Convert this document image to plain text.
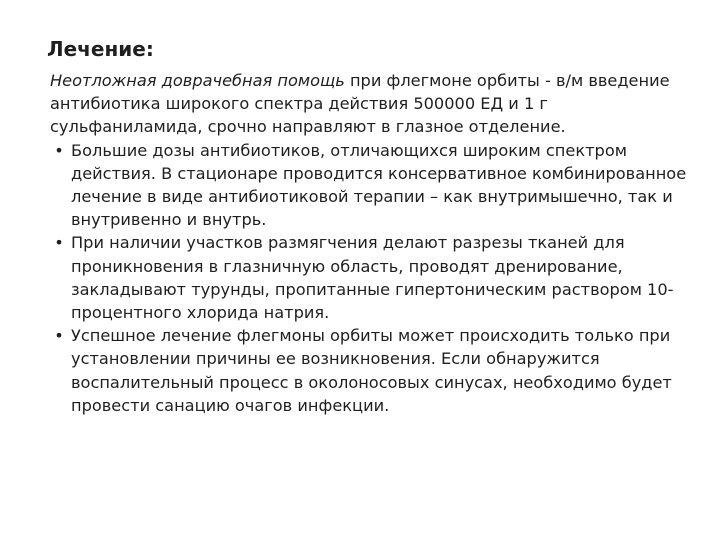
Лечение:

Неотложная доврачебная помощь при флегмоне орбиты - в/м введение антибиотика широкого спектра действия 500000 ЕД и 1 г сульфаниламида, срочно направляют в глазное отделение.

• Большие дозы антибиотиков, отличающихся широким спектром действия. В стационаре проводится консервативное комбинированное лечение в виде антибиотиковой терапии – как внутримышечно, так и внутривенно и внутрь.
• При наличии участков размягчения делают разрезы тканей для проникновения в глазничную область, проводят дренирование, закладывают турунды, пропитанные гипертоническим раствором 10-процентного хлорида натрия.
• Успешное лечение флегмоны орбиты может происходить только при установлении причины ее возникновения. Если обнаружится воспалительный процесс в околоносовых синусах, необходимо будет провести санацию очагов инфекции.
